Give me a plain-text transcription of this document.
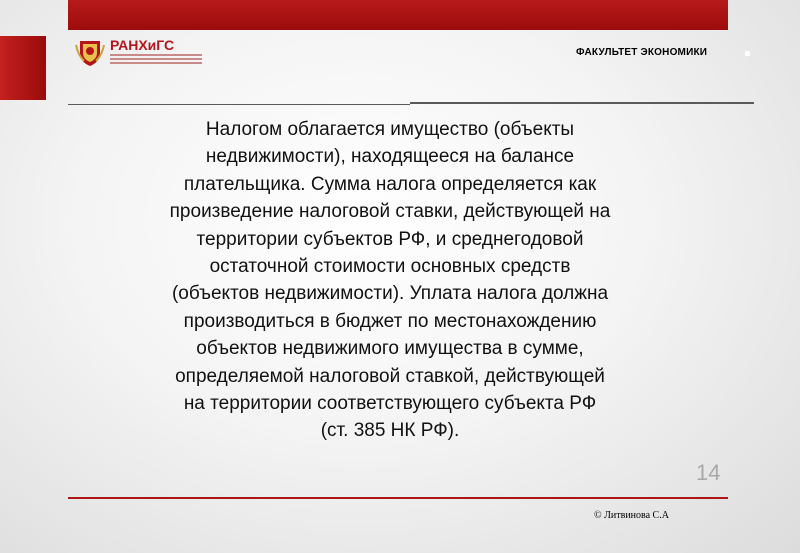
РАНХиГС	ФАКУЛЬТЕТ ЭКОНОМИКИ
Налогом облагается имущество (объекты
недвижимости), находящееся на балансе
плательщика. Сумма налога определяется как
произведение налоговой ставки, действующей на
территории субъектов РФ, и среднегодовой
остаточной стоимости основных средств
(объектов недвижимости). Уплата налога должна
производиться в бюджет по местонахождению
объектов недвижимого имущества в сумме,
определяемой налоговой ставкой, действующей
на территории соответствующего субъекта РФ
(ст. 385 НК РФ).
14
© Литвинова С.А
